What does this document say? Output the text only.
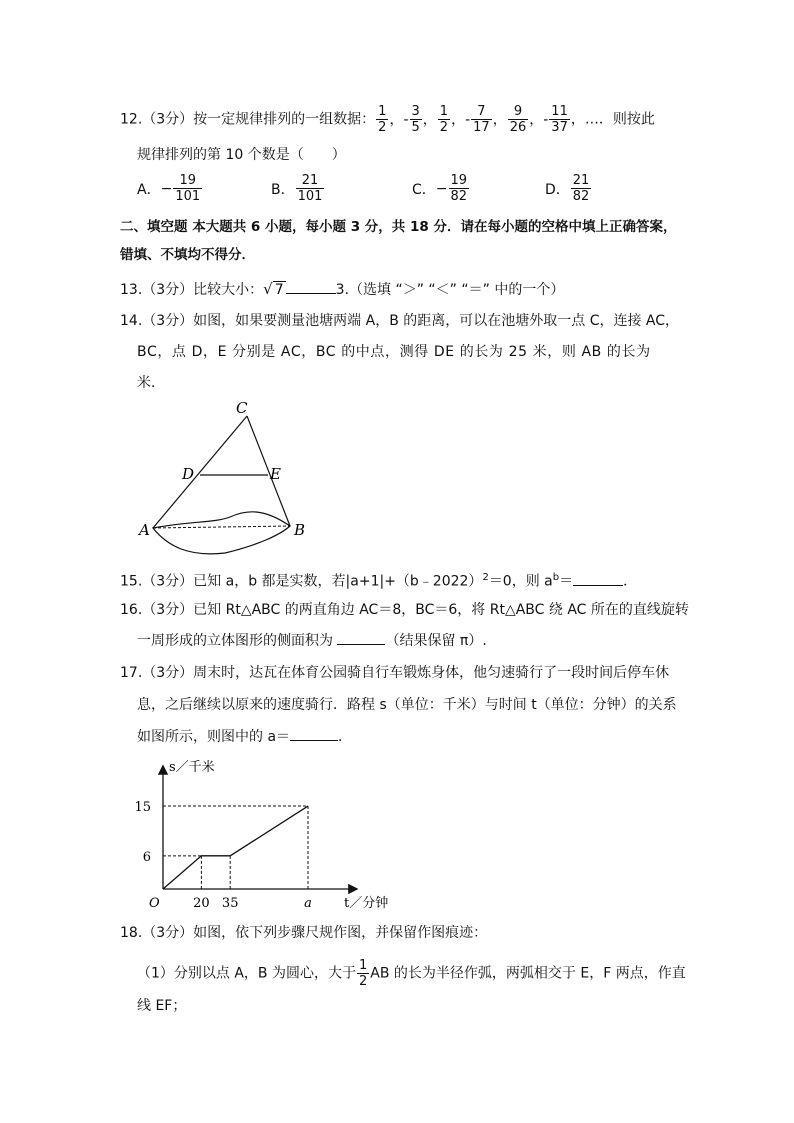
12.（3分）按一定规律排列的一组数据： $\frac{1}{2}$ ，- $\frac{3}{5}$ ， $\frac{1}{2}$ ，- $\frac{7}{17}$ ， $\frac{9}{26}$ ，- $\frac{11}{37}$ ，…．则按此
规律排列的第 10 个数是（　　）
A．− $\frac{19}{101}$	B． $\frac{21}{101}$	C．− $\frac{19}{82}$	D． $\frac{21}{82}$
二、填空题 本大题共 6 小题，每小题 3 分，共 18 分．请在每小题的空格中填上正确答案，
错填、不填均不得分．
13.（3分）比较大小：√ 7	3.（选填 “＞” “＜” “＝” 中的一个）
14.（3分）如图，如果要测量池塘两端 A，B 的距离，可以在池塘外取一点 C，连接 AC，
BC，点 D，E 分别是 AC，BC 的中点，测得 DE 的长为 25 米，则 AB 的长为
米．
C
D	E
A	B
15.（3分）已知 a，b 都是实数，若|a+1|+（b﹣2022）$^2$＝0，则 $a^b=$	．
16.（3分）已知 Rt△ABC 的两直角边 AC＝8，BC＝6，将 Rt△ABC 绕 AC 所在的直线旋转
一周形成的立体图形的侧面积为	（结果保留 π）.
17.（3分）周末时，达瓦在体育公园骑自行车锻炼身体，他匀速骑行了一段时间后停车休
息，之后继续以原来的速度骑行．路程 s（单位：千米）与时间 t（单位：分钟）的关系
如图所示，则图中的 a＝	．
20 35	a
6
15
O
s／千米
t／分钟
18.（3分）如图，依下列步骤尺规作图，并保留作图痕迹：
（1）分别以点 A，B 为圆心，大于 $\frac{1}{2}$ AB 的长为半径作弧，两弧相交于 E，F 两点，作直
线 EF；
